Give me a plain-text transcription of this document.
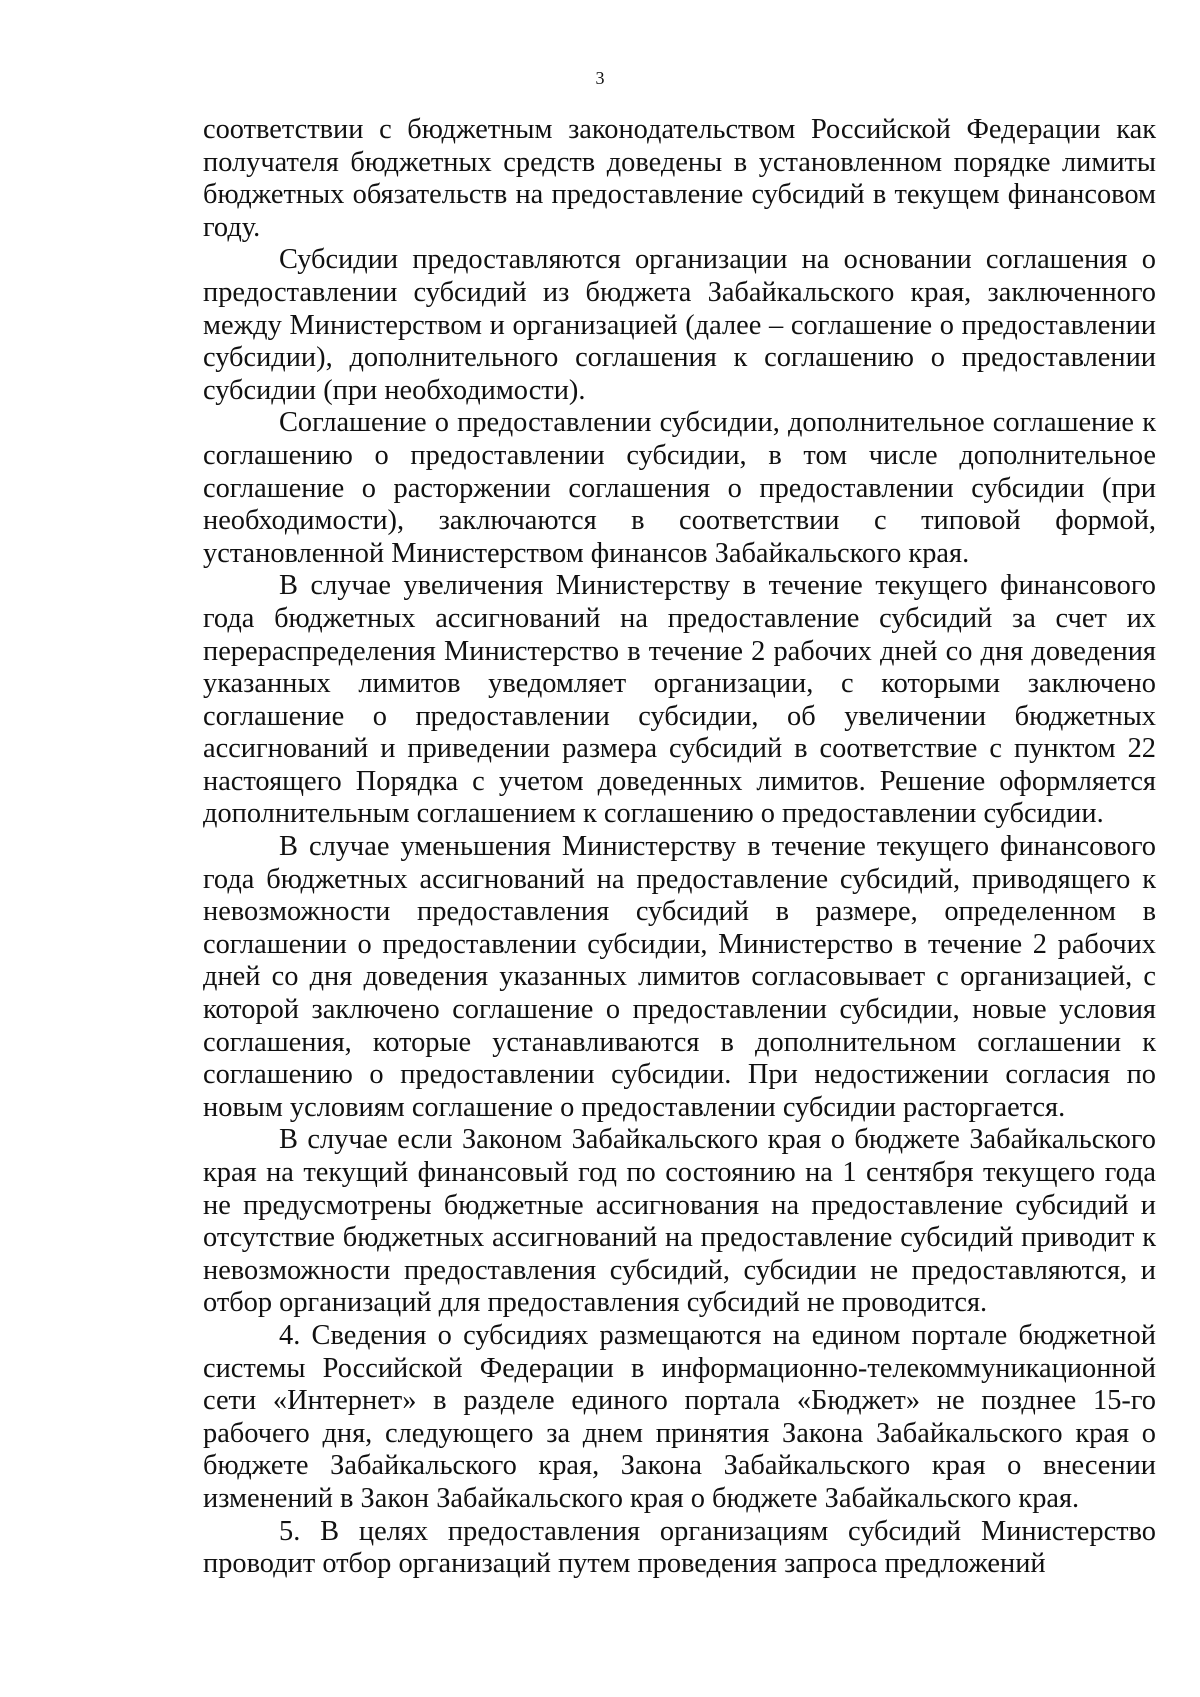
3

соответствии с бюджетным законодательством Российской Федерации как получателя бюджетных средств доведены в установленном порядке лимиты бюджетных обязательств на предоставление субсидий в текущем финансовом году.

Субсидии предоставляются организации на основании соглашения о предоставлении субсидий из бюджета Забайкальского края, заключенного между Министерством и организацией (далее – соглашение о предоставлении субсидии), дополнительного соглашения к соглашению о предоставлении субсидии (при необходимости).

Соглашение о предоставлении субсидии, дополнительное соглашение к соглашению о предоставлении субсидии, в том числе дополнительное соглашение о расторжении соглашения о предоставлении субсидии (при необходимости), заключаются в соответствии с типовой формой, установленной Министерством финансов Забайкальского края.

В случае увеличения Министерству в течение текущего финансового года бюджетных ассигнований на предоставление субсидий за счет их перераспределения Министерство в течение 2 рабочих дней со дня доведения указанных лимитов уведомляет организации, с которыми заключено соглашение о предоставлении субсидии, об увеличении бюджетных ассигнований и приведении размера субсидий в соответствие с пунктом 22 настоящего Порядка с учетом доведенных лимитов. Решение оформляется дополнительным соглашением к соглашению о предоставлении субсидии.

В случае уменьшения Министерству в течение текущего финансового года бюджетных ассигнований на предоставление субсидий, приводящего к невозможности предоставления субсидий в размере, определенном в соглашении о предоставлении субсидии, Министерство в течение 2 рабочих дней со дня доведения указанных лимитов согласовывает с организацией, с которой заключено соглашение о предоставлении субсидии, новые условия соглашения, которые устанавливаются в дополнительном соглашении к соглашению о предоставлении субсидии. При недостижении согласия по новым условиям соглашение о предоставлении субсидии расторгается.

В случае если Законом Забайкальского края о бюджете Забайкальского края на текущий финансовый год по состоянию на 1 сентября текущего года не предусмотрены бюджетные ассигнования на предоставление субсидий и отсутствие бюджетных ассигнований на предоставление субсидий приводит к невозможности предоставления субсидий, субсидии не предоставляются, и отбор организаций для предоставления субсидий не проводится.

4. Сведения о субсидиях размещаются на едином портале бюджетной системы Российской Федерации в информационно-телекоммуникационной сети «Интернет» в разделе единого портала «Бюджет» не позднее 15-го рабочего дня, следующего за днем принятия Закона Забайкальского края о бюджете Забайкальского края, Закона Забайкальского края о внесении изменений в Закон Забайкальского края о бюджете Забайкальского края.

5. В целях предоставления организациям субсидий Министерство проводит отбор организаций путем проведения запроса предложений
